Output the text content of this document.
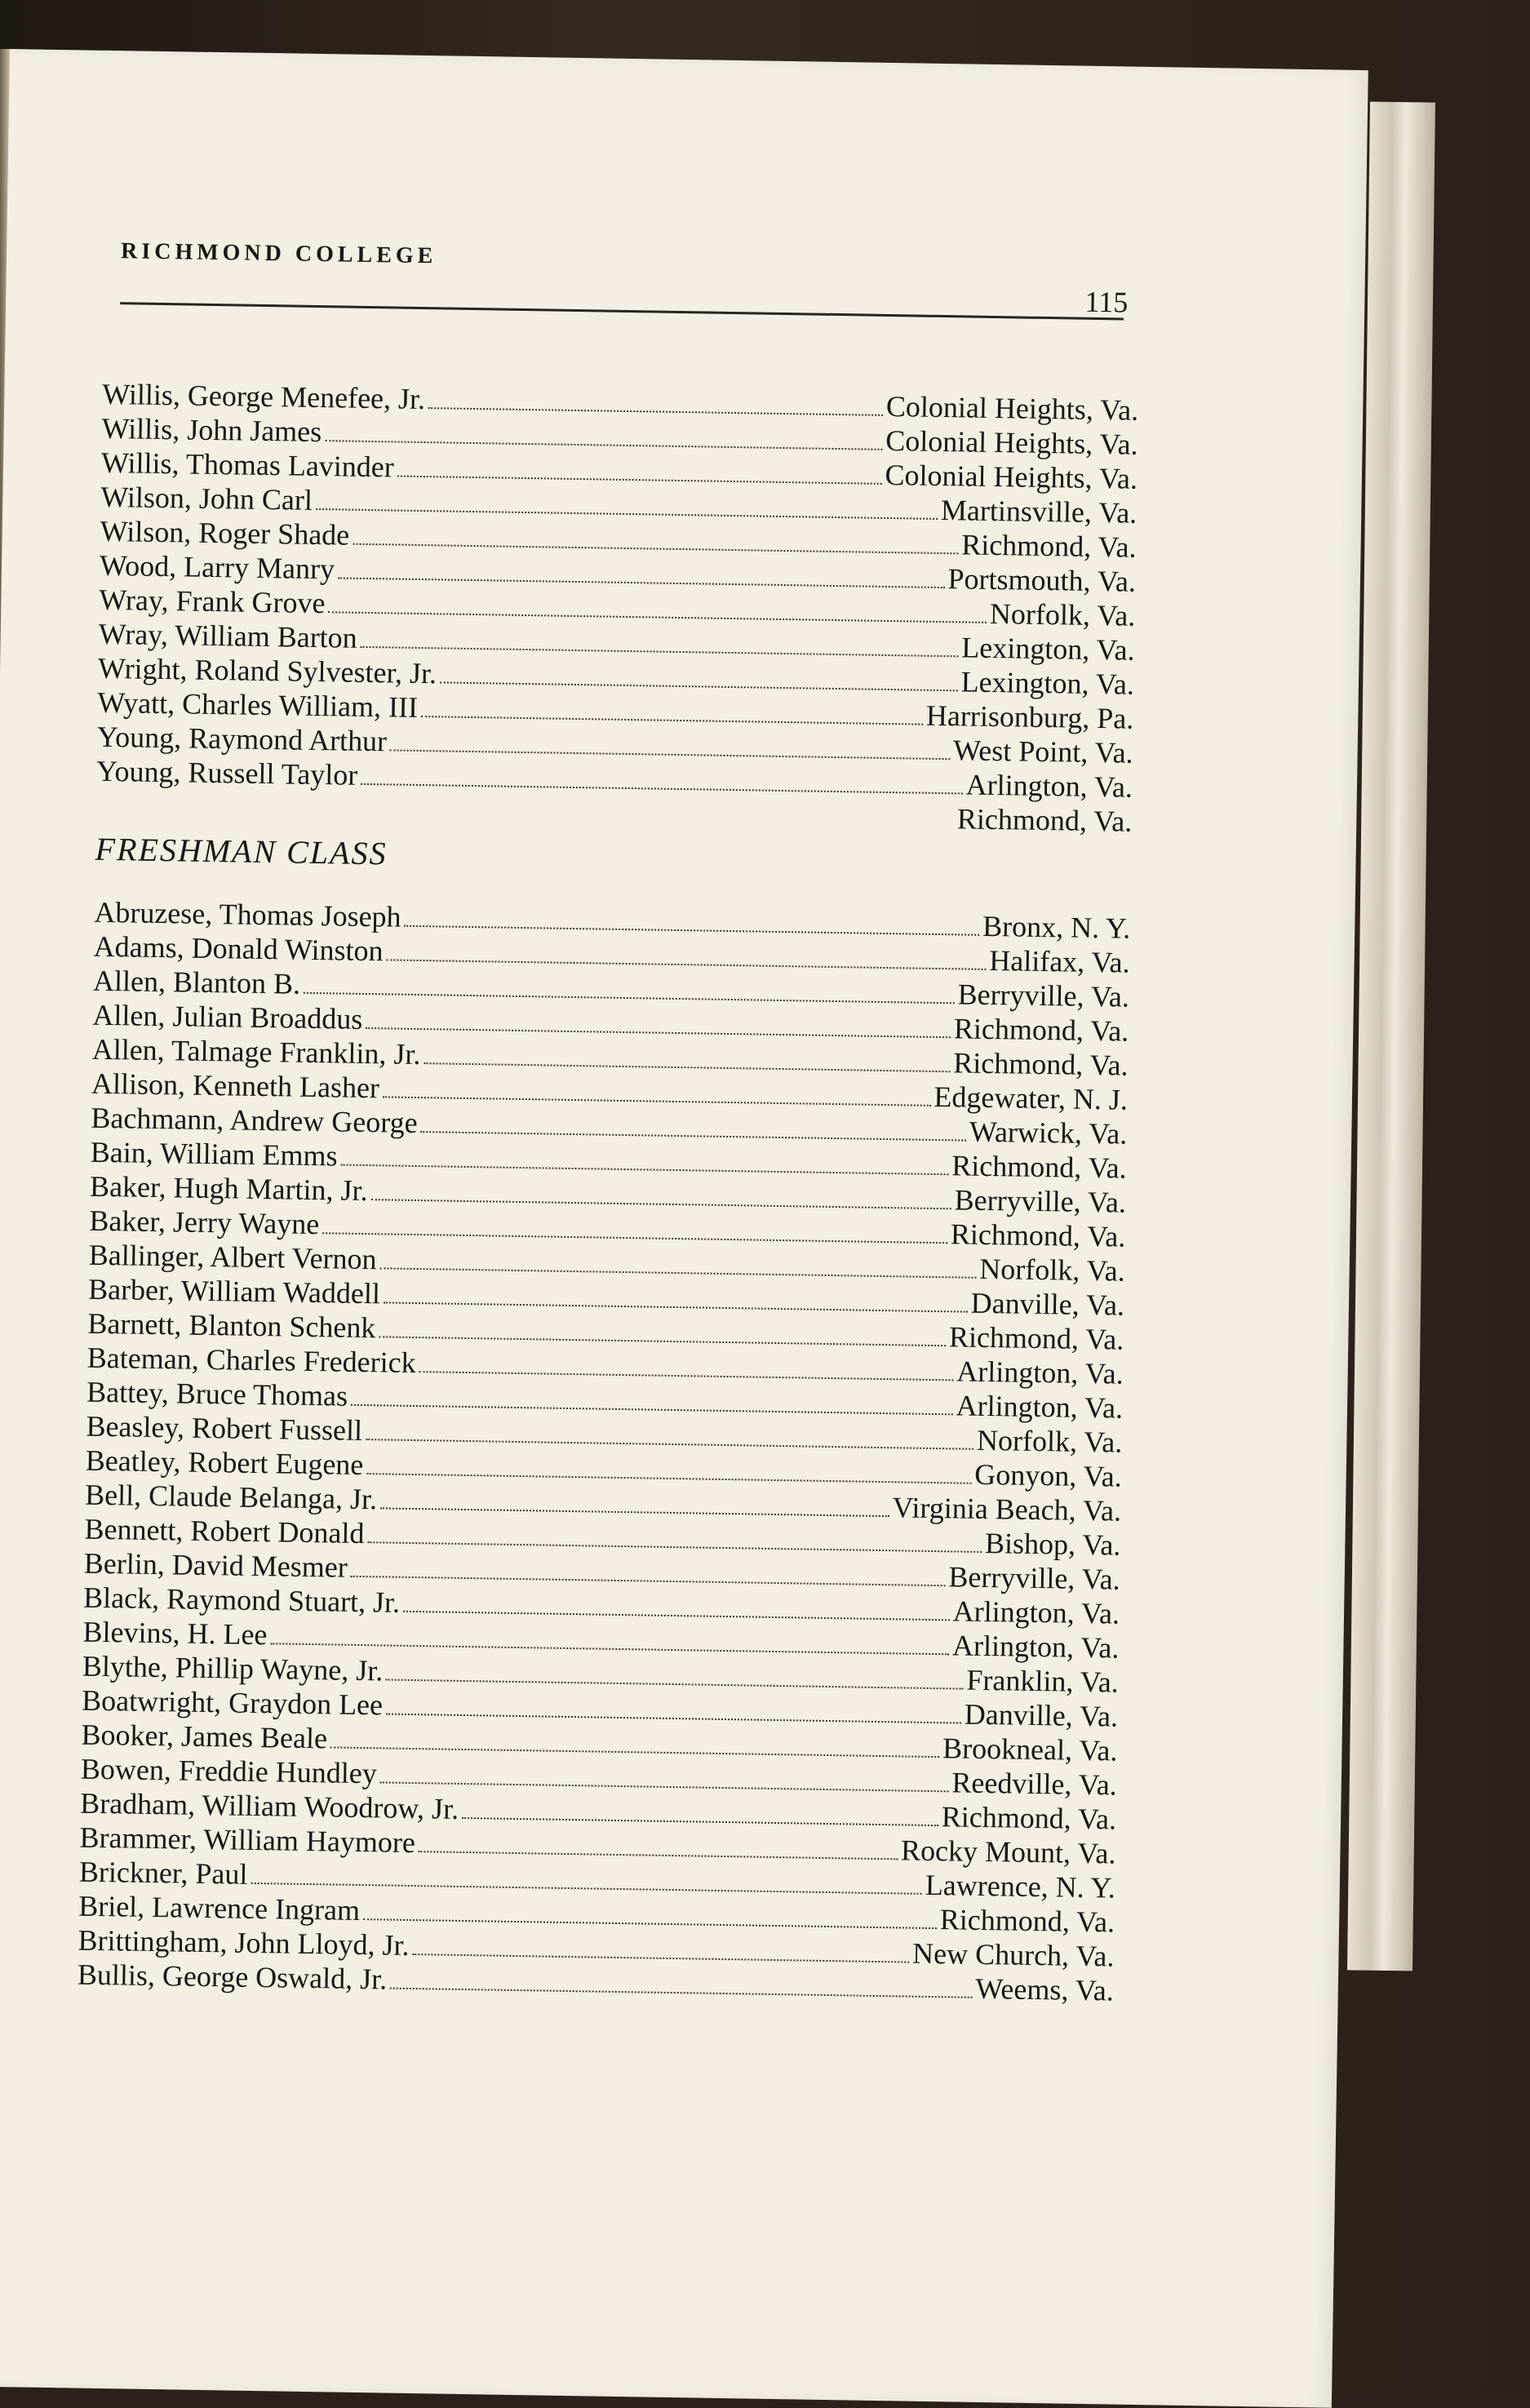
RICHMOND COLLEGE
115
Willis, George Menefee, Jr.	Colonial Heights, Va.
Willis, John James	Colonial Heights, Va.
Willis, Thomas Lavinder	Colonial Heights, Va.
Wilson, John Carl	Martinsville, Va.
Wilson, Roger Shade	Richmond, Va.
Wood, Larry Manry	Portsmouth, Va.
Wray, Frank Grove	Norfolk, Va.
Wray, William Barton	Lexington, Va.
Wright, Roland Sylvester, Jr.	Lexington, Va.
Wyatt, Charles William, III	Harrisonburg, Pa.
Young, Raymond Arthur	West Point, Va.
Young, Russell Taylor	Arlington, Va.
Richmond, Va.
FRESHMAN CLASS
Abruzese, Thomas Joseph	Bronx, N. Y.
Adams, Donald Winston	Halifax, Va.
Allen, Blanton B.	Berryville, Va.
Allen, Julian Broaddus	Richmond, Va.
Allen, Talmage Franklin, Jr.	Richmond, Va.
Allison, Kenneth Lasher	Edgewater, N. J.
Bachmann, Andrew George	Warwick, Va.
Bain, William Emms	Richmond, Va.
Baker, Hugh Martin, Jr.	Berryville, Va.
Baker, Jerry Wayne	Richmond, Va.
Ballinger, Albert Vernon	Norfolk, Va.
Barber, William Waddell	Danville, Va.
Barnett, Blanton Schenk	Richmond, Va.
Bateman, Charles Frederick	Arlington, Va.
Battey, Bruce Thomas	Arlington, Va.
Beasley, Robert Fussell	Norfolk, Va.
Beatley, Robert Eugene	Gonyon, Va.
Bell, Claude Belanga, Jr.	Virginia Beach, Va.
Bennett, Robert Donald	Bishop, Va.
Berlin, David Mesmer	Berryville, Va.
Black, Raymond Stuart, Jr.	Arlington, Va.
Blevins, H. Lee	Arlington, Va.
Blythe, Phillip Wayne, Jr.	Franklin, Va.
Boatwright, Graydon Lee	Danville, Va.
Booker, James Beale	Brookneal, Va.
Bowen, Freddie Hundley	Reedville, Va.
Bradham, William Woodrow, Jr.	Richmond, Va.
Brammer, William Haymore	Rocky Mount, Va.
Brickner, Paul	Lawrence, N. Y.
Briel, Lawrence Ingram	Richmond, Va.
Brittingham, John Lloyd, Jr.	New Church, Va.
Bullis, George Oswald, Jr.	Weems, Va.
